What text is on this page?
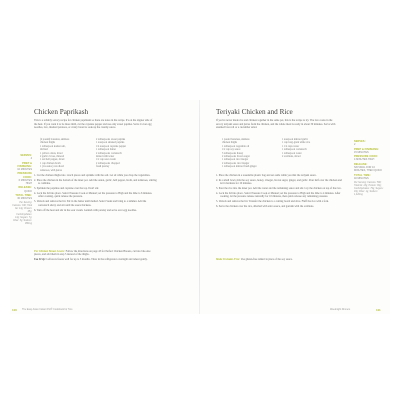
Chicken Paprikash
This is a reliably savory recipe for chicken paprikash so there are notes in the recipe. It's on the zippier side of the heat. If you want it to be more mild, cut the cayenne pepper and use only sweet paprika. Serve it over egg noodles, rice, mashed potatoes, or crusty bread to soak up the creamy sauce.
(2 pound) boneless, skinless
chicken thighs
1 tablespoon kosher salt,
divided
1 yellow onion, diced
2 garlic cloves, minced
1 red bell pepper, diced
1 cup chicken broth
1 (14-ounce) can diced
tomatoes, with juices
2 tablespoons sweet paprika
1 teaspoon smoked paprika
1/4 teaspoon cayenne pepper
1 tablespoon butter
2 tablespoons cornstarch
mixed with water
1/2 cup sour cream
2 tablespoons chopped
fresh parsley

1. Cut the chicken thighs into 1-inch pieces and sprinkle with the salt. Let sit while you chop the vegetables.

2. Place the chicken in the bottom of the inner pot. Add the onion, garlic, bell pepper, broth, and tomatoes, stirring to combine.

3. Sprinkle the paprikas and cayenne over the top. Don't stir.

4. Lock the lid into place. Select Pressure Cook or Manual; set the pressure to High and the time to 6 minutes. After cooking, quick release the pressure.

5. Unlock and remove the lid. Stir in the butter until melted. Select Sauté and bring to a simmer. Add the cornstarch slurry and stir until the sauce thickens.

6. Turn off the heat and stir in the sour cream. Garnish with parsley and serve over egg noodles.

For Chicken Breast Lovers: Follow the directions on page 43 for Perfect Chicken Breasts, cut into bite-size pieces, and add them in step 5 instead of the thighs.

Use It Up: Leftovers freeze well for up to 3 months. Thaw in the refrigerator overnight and reheat gently.

SERVES:
4
PREP & FINISHING:
10 MINUTES
PRESSURE COOK:
6 MINUTES HIGH
RELEASE:
QUICK
TOTAL TIME:
30 MINUTES
Per Serving: Calories: 340; Total fat: 14g; Protein: 38g; Carbohydrates: 14g; Sugars: 7g; Fiber: 3g; Sodium: 980mg
110 The Easy Asian Instant Pot® Cookbook for Two
Teriyaki Chicken and Rice
If you've never made rice and chicken together in the same pot, this is the recipe to try. The rice cooks in the savory teriyaki sauce and juices from the chicken, and the whole meal is ready in about 30 minutes. Serve with steamed broccoli or a cucumber salad.
1 pound boneless, skinless
chicken thighs
1 tablespoon vegetable oil
1/2 cup soy sauce
3 tablespoons honey
2 tablespoons brown sugar
1 tablespoon rice vinegar
2 tablespoons rice vinegar
1 tablespoon minced fresh ginger
1 teaspoon minced garlic
1 cup long-grain white rice
1 1/4 cups water
1 tablespoon cornstarch
1 tablespoon water
2 scallions, sliced

1. Place the chicken in a resealable plastic bag and set aside while you mix the teriyaki sauce.

2. In a small bowl, mix the soy sauce, honey, vinegar, brown sugar, ginger, and garlic. Pour half over the chicken and let it marinate for 10 minutes.

3. Pour the rice into the inner pot. Add the water and the remaining sauce and stir. Lay the chicken on top of the rice.

4. Lock the lid into place. Select Pressure Cook or Manual; set the pressure to High and the time to 4 minutes. After cooking, let the pressure release naturally for 10 minutes, then quick release any remaining pressure.

5. Unlock and remove the lid. Transfer the chicken to a cutting board and slice. Fluff the rice with a fork.

6. Serve the chicken over the rice, drizzled with extra sauce, and garnish with the scallions.

Make It Gluten-Free: Use gluten-free tamari in place of the soy sauce.

SERVES:
2
PREP & FINISHING:
15 MINUTES
PRESSURE COOK:
4 MINUTES HIGH
RELEASE:
NATURAL FOR 10 MINUTES, THEN QUICK
TOTAL TIME:
40 MINUTES
Per Serving: Calories: 590; Total fat: 13g; Protein: 39g; Carbohydrates: 79g; Sugars: 18g; Fiber: 1g; Sodium: 1,420mg
Weeknight Dinners	111
